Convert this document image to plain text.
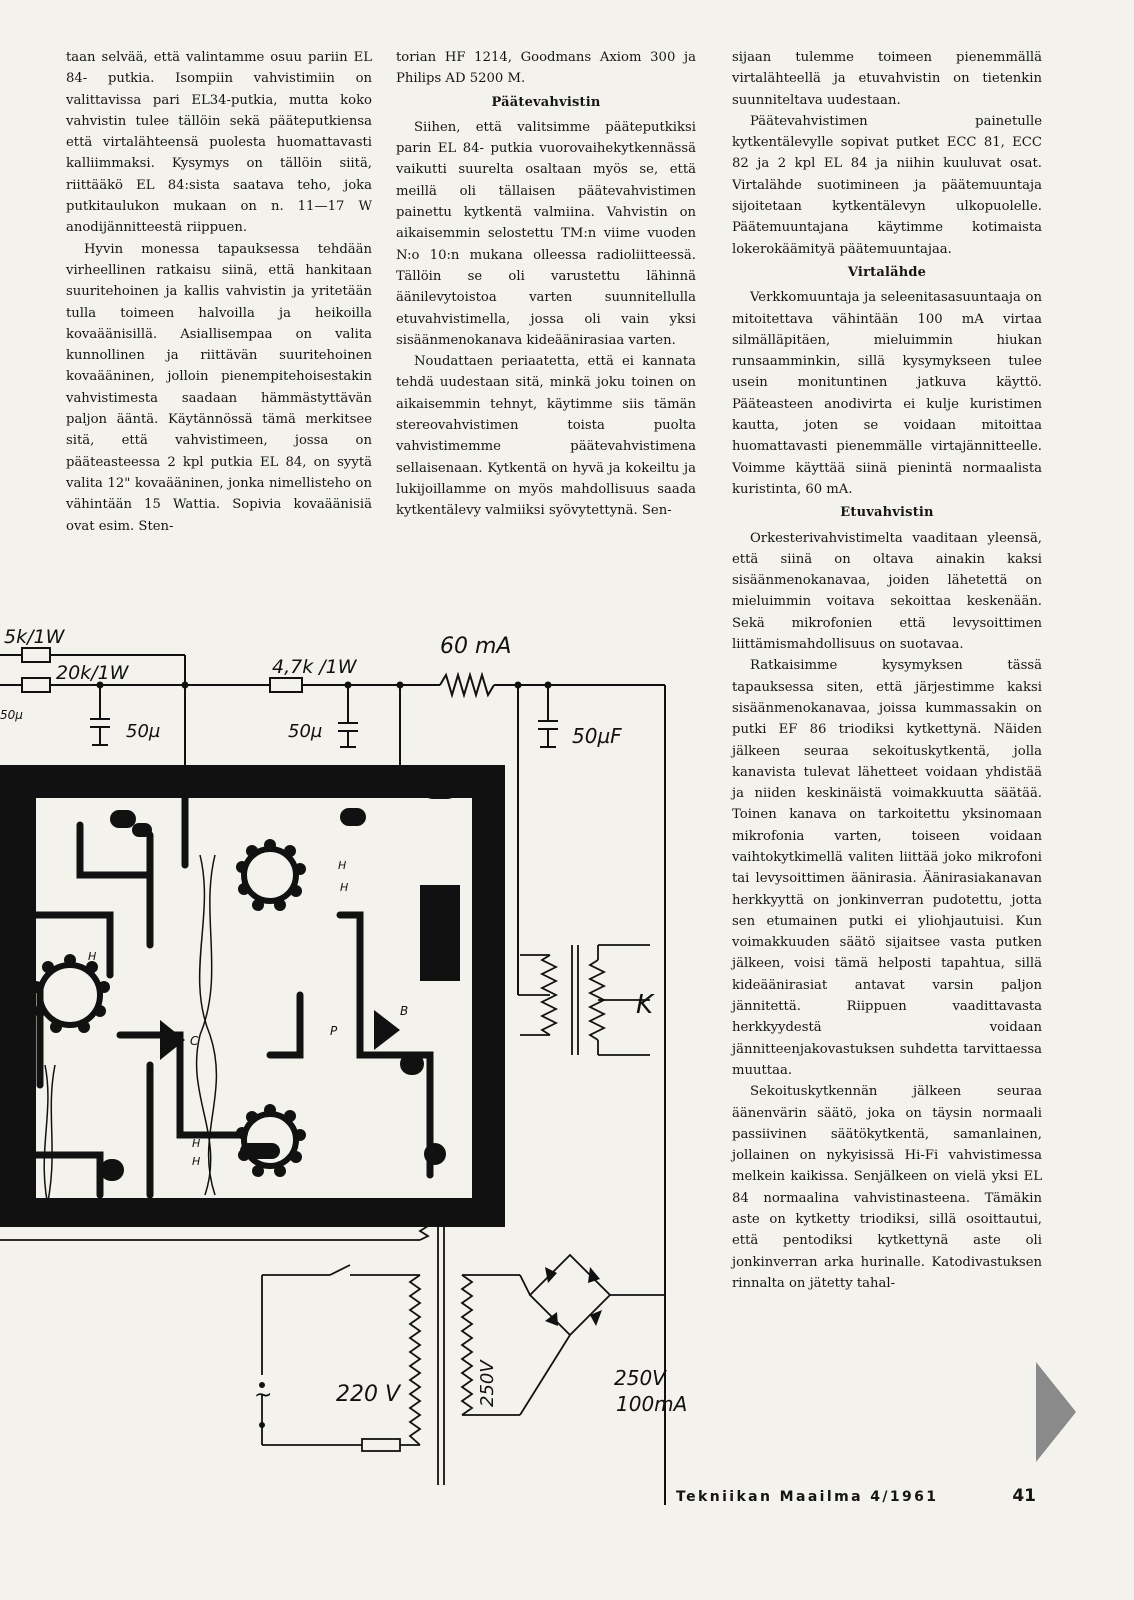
taan selvää, että valintamme osuu pariin EL 84- putkia. Isompiin vahvistimiin on valittavissa pari EL34-putkia, mutta koko vahvistin tulee tällöin sekä pääteputkiensa että virtalähteensä puolesta huomattavasti kalliimmaksi. Kysymys on tällöin siitä, riittääkö EL 84:sista saatava teho, joka putkitaulukon mukaan on n. 11—17 W anodijännitteestä riippuen.

Hyvin monessa tapauksessa tehdään virheellinen ratkaisu siinä, että hankitaan suuritehoinen ja kallis vahvistin ja yritetään tulla toimeen halvoilla ja heikoilla kovaäänisillä. Asiallisempaa on valita kunnollinen ja riittävän suuritehoinen kovaääninen, jolloin pienempitehoisestakin vahvistimesta saadaan hämmästyttävän paljon ääntä. Käytännössä tämä merkitsee sitä, että vahvistimeen, jossa on pääteasteessa 2 kpl putkia EL 84, on syytä valita 12" kovaääninen, jonka nimellisteho on vähintään 15 Wattia. Sopivia kovaäänisiä ovat esim. Sten-

torian HF 1214, Goodmans Axiom 300 ja Philips AD 5200 M.

Päätevahvistin

Siihen, että valitsimme pääteputkiksi parin EL 84- putkia vuorovaihekytkennässä vaikutti suurelta osaltaan myös se, että meillä oli tällaisen päätevahvistimen painettu kytkentä valmiina. Vahvistin on aikaisemmin selostettu TM:n viime vuoden N:o 10:n mukana olleessa radioliitteessä. Tällöin se oli varustettu lähinnä äänilevytoistoa varten suunnitellulla etuvahvistimella, jossa oli vain yksi sisäänmenokanava kideäänirasiaa varten.

Noudattaen periaatetta, että ei kannata tehdä uudestaan sitä, minkä joku toinen on aikaisemmin tehnyt, käytimme siis tämän stereovahvistimen toista puolta vahvistimemme päätevahvistimena sellaisenaan. Kytkentä on hyvä ja kokeiltu ja lukijoillamme on myös mahdollisuus saada kytkentälevy valmiiksi syövytettynä. Sen-

sijaan tulemme toimeen pienemmällä virtalähteellä ja etuvahvistin on tietenkin suunniteltava uudestaan.

Päätevahvistimen painetulle kytkentälevylle sopivat putket ECC 81, ECC 82 ja 2 kpl EL 84 ja niihin kuuluvat osat. Virtalähde suotimineen ja päätemuuntaja sijoitetaan kytkentälevyn ulkopuolelle. Päätemuuntajana käytimme kotimaista lokerokäämityä päätemuuntajaa.

Virtalähde

Verkkomuuntaja ja seleenitasasuuntaaja on mitoitettava vähintään 100 mA virtaa silmälläpitäen, mieluimmin hiukan runsaamminkin, sillä kysymykseen tulee usein monituntinen jatkuva käyttö. Pääteasteen anodivirta ei kulje kuristimen kautta, joten se voidaan mitoittaa huomattavasti pienemmälle virtajännitteelle. Voimme käyttää siinä pienintä normaalista kuristinta, 60 mA.

Etuvahvistin

Orkesterivahvistimelta vaaditaan yleensä, että siinä on oltava ainakin kaksi sisäänmenokanavaa, joiden lähetettä on mieluimmin voitava sekoittaa keskenään. Sekä mikrofonien että levysoittimen liittämismahdollisuus on suotavaa.

Ratkaisimme kysymyksen tässä tapauksessa siten, että järjestimme kaksi sisäänmenokanavaa, joissa kummassakin on putki EF 86 triodiksi kytkettynä. Näiden jälkeen seuraa sekoituskytkentä, jolla kanavista tulevat lähetteet voidaan yhdistää ja niiden keskinäistä voimakkuutta säätää. Toinen kanava on tarkoitettu yksinomaan mikrofonia varten, toiseen voidaan vaihtokytkimellä valiten liittää joko mikrofoni tai levysoittimen äänirasia. Äänirasiakanavan herkkyyttä on jonkinverran pudotettu, jotta sen etumainen putki ei yliohjautuisi. Kun voimakkuuden säätö sijaitsee vasta putken jälkeen, voisi tämä helposti tapahtua, sillä kideäänirasiat antavat varsin paljon jännitettä. Riippuen vaadittavasta herkkyydestä voidaan jännitteenjakovastuksen suhdetta tarvittaessa muuttaa.

Sekoituskytkennän jälkeen seuraa äänenvärin säätö, joka on täysin normaali passiivinen säätökytkentä, samanlainen, jollainen on nykyisissä Hi-Fi vahvistimessa melkein kaikissa. Senjälkeen on vielä yksi EL 84 normaalina vahvistinasteena. Tämäkin aste on kytketty triodiksi, sillä osoittautui, että pentodiksi kytkettynä aste oli jonkinverran arka hurinalle. Katodivastuksen rinnalta on jätetty tahal-

TEKNIIKAN Maailma
5k/1W
20k/1W	4,7k /1W
60 mA
50µ	50µ	50µF
50µ
6,3V
220 V
~	250V	250V
100mA
K
H
H
H
H
H
C
P
B
Tekniikan Maailma 4/1961	41
